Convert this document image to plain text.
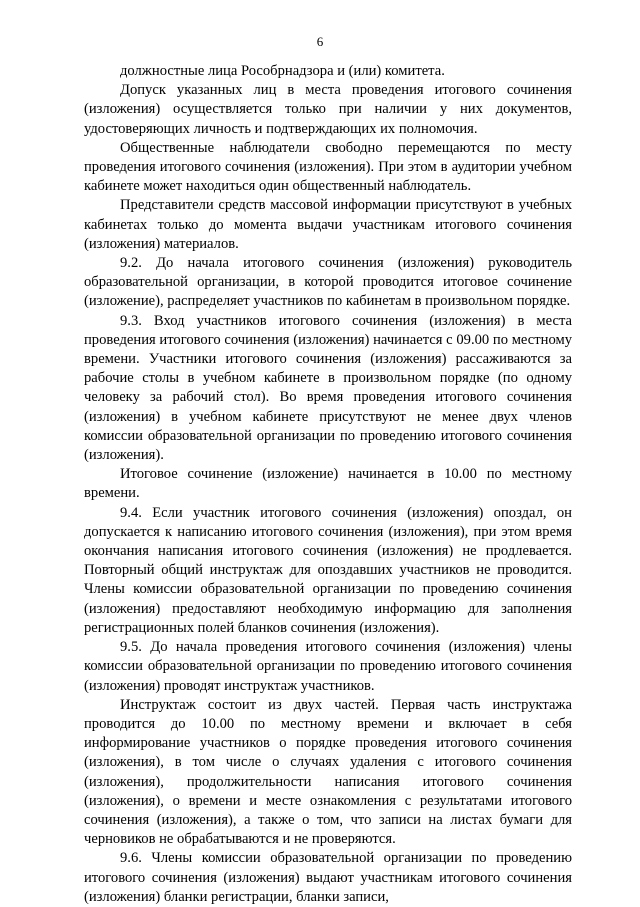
6

должностные лица Рособрнадзора и (или) комитета.

Допуск указанных лиц в места проведения итогового сочинения (изложения) осуществляется только при наличии у них документов, удостоверяющих личность и подтверждающих их полномочия.

Общественные наблюдатели свободно перемещаются по месту проведения итогового сочинения (изложения). При этом в аудитории учебном кабинете может находиться один общественный наблюдатель.

Представители средств массовой информации присутствуют в учебных кабинетах только до момента выдачи участникам итогового сочинения (изложения) материалов.

9.2. До начала итогового сочинения (изложения) руководитель образовательной организации, в которой проводится итоговое сочинение (изложение), распределяет участников по кабинетам в произвольном порядке.

9.3. Вход участников итогового сочинения (изложения) в места проведения итогового сочинения (изложения) начинается с 09.00 по местному времени. Участники итогового сочинения (изложения) рассаживаются за рабочие столы в учебном кабинете в произвольном порядке (по одному человеку за рабочий стол). Во время проведения итогового сочинения (изложения) в учебном кабинете присутствуют не менее двух членов комиссии образовательной организации по проведению итогового сочинения (изложения).

Итоговое сочинение (изложение) начинается в 10.00 по местному времени.

9.4. Если участник итогового сочинения (изложения) опоздал, он допускается к написанию итогового сочинения (изложения), при этом время окончания написания итогового сочинения (изложения) не продлевается. Повторный общий инструктаж для опоздавших участников не проводится. Члены комиссии образовательной организации по проведению сочинения (изложения) предоставляют необходимую информацию для заполнения регистрационных полей бланков сочинения (изложения).

9.5. До начала проведения итогового сочинения (изложения) члены комиссии образовательной организации по проведению итогового сочинения (изложения) проводят инструктаж участников.

Инструктаж состоит из двух частей. Первая часть инструктажа проводится до 10.00 по местному времени и включает в себя информирование участников о порядке проведения итогового сочинения (изложения), в том числе о случаях удаления с итогового сочинения (изложения), продолжительности написания итогового сочинения (изложения), о времени и месте ознакомления с результатами итогового сочинения (изложения), а также о том, что записи на листах бумаги для черновиков не обрабатываются и не проверяются.

9.6. Члены комиссии образовательной организации по проведению итогового сочинения (изложения) выдают участникам итогового сочинения (изложения) бланки регистрации, бланки записи,
